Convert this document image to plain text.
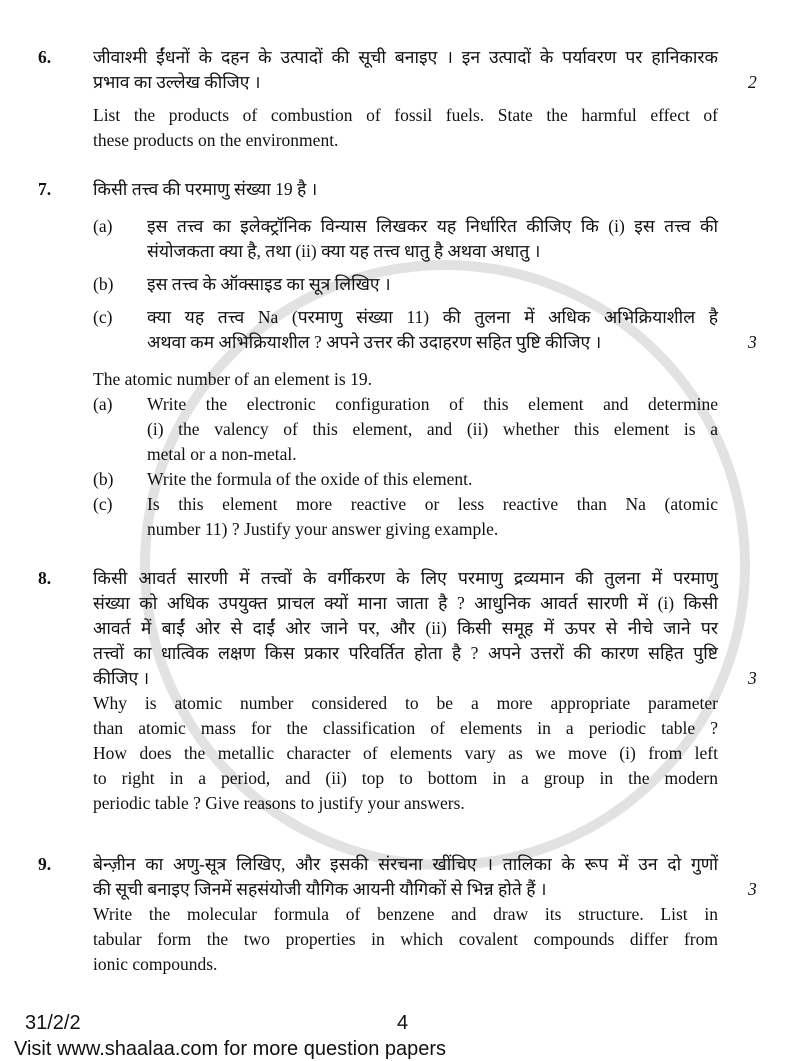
6. जीवाश्मी ईंधनों के दहन के उत्पादों की सूची बनाइए । इन उत्पादों के पर्यावरण पर हानिकारक
प्रभाव का उल्लेख कीजिए ।	2
List the products of combustion of fossil fuels. State the harmful effect of
these products on the environment.
7. किसी तत्त्व की परमाणु संख्या 19 है ।
(a)	इस तत्त्व का इलेक्ट्रॉनिक विन्यास लिखकर यह निर्धारित कीजिए कि (i) इस तत्त्व की
संयोजकता क्या है, तथा (ii) क्या यह तत्त्व धातु है अथवा अधातु ।
(b)	इस तत्त्व के ऑक्साइड का सूत्र लिखिए ।
(c)	क्या यह तत्त्व Na (परमाणु संख्या 11) की तुलना में अधिक अभिक्रियाशील है
अथवा कम अभिक्रियाशील ? अपने उत्तर की उदाहरण सहित पुष्टि कीजिए ।	3
The atomic number of an element is 19.
(a)	Write the electronic configuration of this element and determine
(i) the valency of this element, and (ii) whether this element is a
metal or a non-metal.
(b)	Write the formula of the oxide of this element.
(c)	Is this element more reactive or less reactive than Na (atomic
number 11) ? Justify your answer giving example.
8. किसी आवर्त सारणी में तत्त्वों के वर्गीकरण के लिए परमाणु द्रव्यमान की तुलना में परमाणु
संख्या को अधिक उपयुक्त प्राचल क्यों माना जाता है ? आधुनिक आवर्त सारणी में (i) किसी
आवर्त में बाईं ओर से दाईं ओर जाने पर, और (ii) किसी समूह में ऊपर से नीचे जाने पर
तत्त्वों का धात्विक लक्षण किस प्रकार परिवर्तित होता है ? अपने उत्तरों की कारण सहित पुष्टि
कीजिए ।	3
Why is atomic number considered to be a more appropriate parameter
than atomic mass for the classification of elements in a periodic table ?
How does the metallic character of elements vary as we move (i) from left
to right in a period, and (ii) top to bottom in a group in the modern
periodic table ? Give reasons to justify your answers.
9. बेन्ज़ीन का अणु-सूत्र लिखिए, और इसकी संरचना खींचिए । तालिका के रूप में उन दो गुणों
की सूची बनाइए जिनमें सहसंयोजी यौगिक आयनी यौगिकों से भिन्न होते हैं ।	3
Write the molecular formula of benzene and draw its structure. List in
tabular form the two properties in which covalent compounds differ from
ionic compounds.
31/2/2	4
Visit www.shaalaa.com for more question papers
